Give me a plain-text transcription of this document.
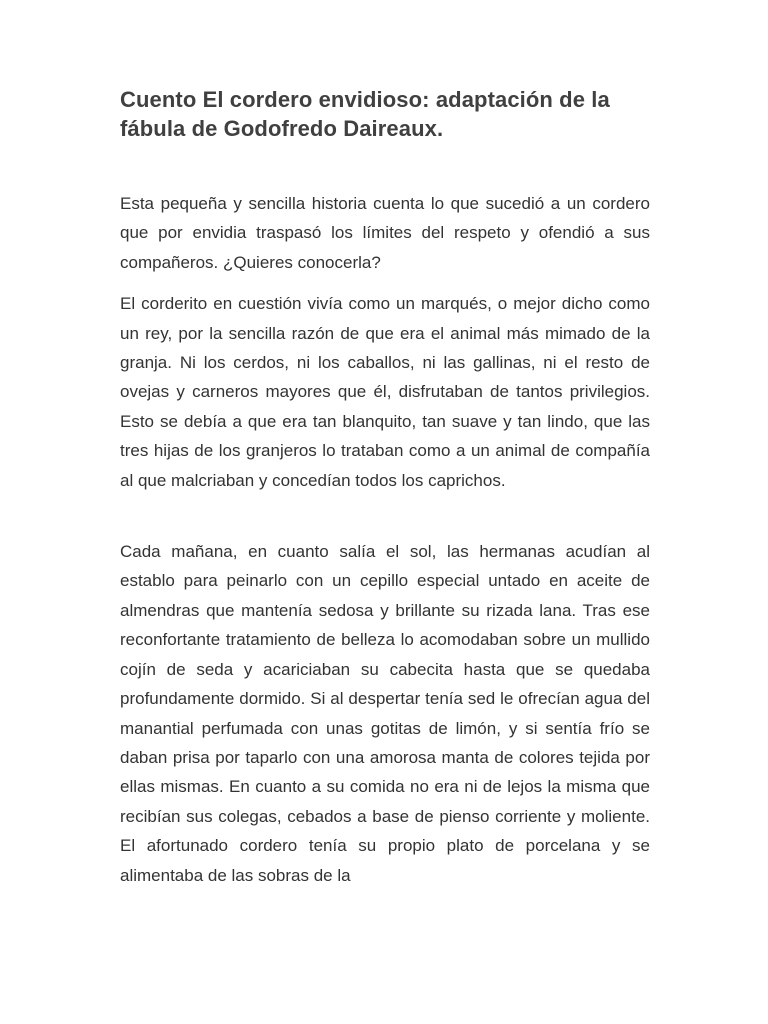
Cuento El cordero envidioso: adaptación de la fábula de Godofredo Daireaux.

Esta pequeña y sencilla historia cuenta lo que sucedió a un cordero que por envidia traspasó los límites del respeto y ofendió a sus compañeros. ¿Quieres conocerla?

El corderito en cuestión vivía como un marqués, o mejor dicho como un rey, por la sencilla razón de que era el animal más mimado de la granja. Ni los cerdos, ni los caballos, ni las gallinas, ni el resto de ovejas y carneros mayores que él, disfrutaban de tantos privilegios. Esto se debía a que era tan blanquito, tan suave y tan lindo, que las tres hijas de los granjeros lo trataban como a un animal de compañía al que malcriaban y concedían todos los caprichos.

Cada mañana, en cuanto salía el sol, las hermanas acudían al establo para peinarlo con un cepillo especial untado en aceite de almendras que mantenía sedosa y brillante su rizada lana. Tras ese reconfortante tratamiento de belleza lo acomodaban sobre un mullido cojín de seda y acariciaban su cabecita hasta que se quedaba profundamente dormido. Si al despertar tenía sed le ofrecían agua del manantial perfumada con unas gotitas de limón, y si sentía frío se daban prisa por taparlo con una amorosa manta de colores tejida por ellas mismas. En cuanto a su comida no era ni de lejos la misma que recibían sus colegas, cebados a base de pienso corriente y moliente. El afortunado cordero tenía su propio plato de porcelana y se alimentaba de las sobras de la
